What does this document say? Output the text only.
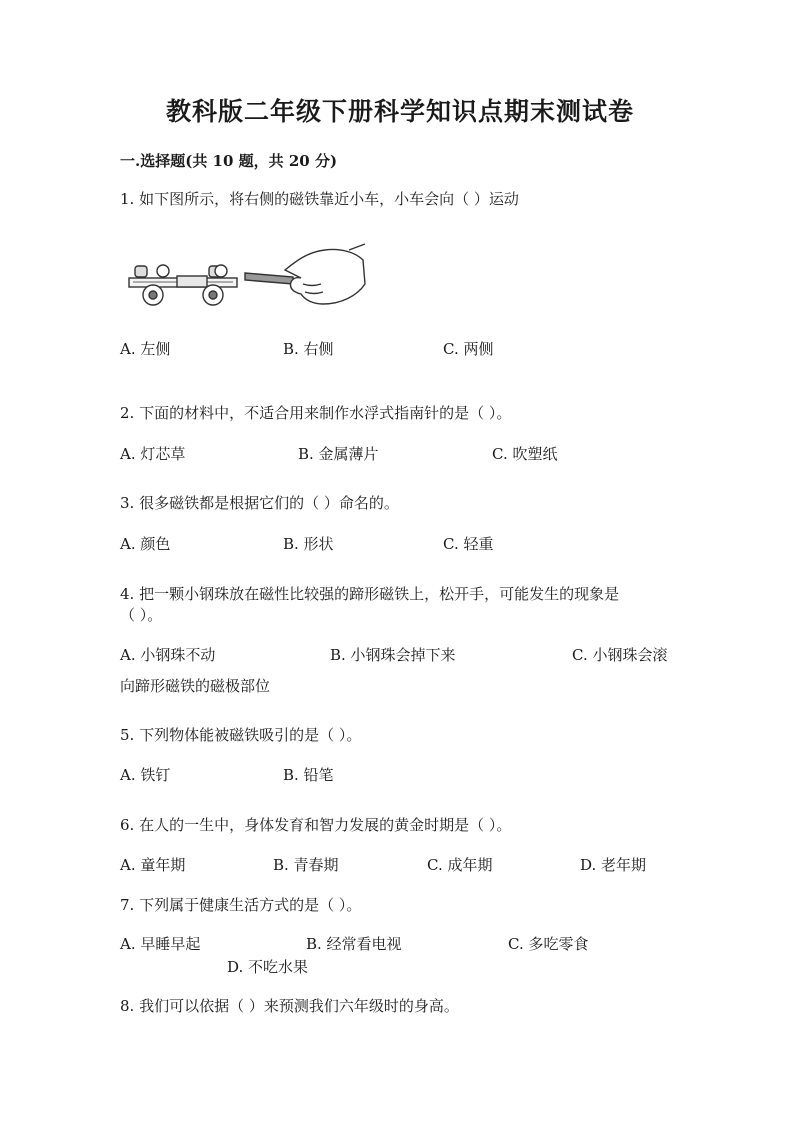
教科版二年级下册科学知识点期末测试卷
一.选择题(共 10 题，共 20 分)
1. 如下图所示，将右侧的磁铁靠近小车，小车会向（ ）运动
A. 左侧	B. 右侧	C. 两侧
2. 下面的材料中，不适合用来制作水浮式指南针的是（ ）。
A. 灯芯草	B. 金属薄片	C. 吹塑纸
3. 很多磁铁都是根据它们的（ ）命名的。
A. 颜色	B. 形状	C. 轻重
4. 把一颗小钢珠放在磁性比较强的蹄形磁铁上，松开手，可能发生的现象是
（ ）。
A. 小钢珠不动	B. 小钢珠会掉下来	C. 小钢珠会滚
向蹄形磁铁的磁极部位
5. 下列物体能被磁铁吸引的是（ ）。
A. 铁钉	B. 铅笔
6. 在人的一生中，身体发育和智力发展的黄金时期是（ ）。
A. 童年期	B. 青春期	C. 成年期	D. 老年期
7. 下列属于健康生活方式的是（ ）。
A. 早睡早起	B. 经常看电视	C. 多吃零食
D. 不吃水果
8. 我们可以依据（ ）来预测我们六年级时的身高。
